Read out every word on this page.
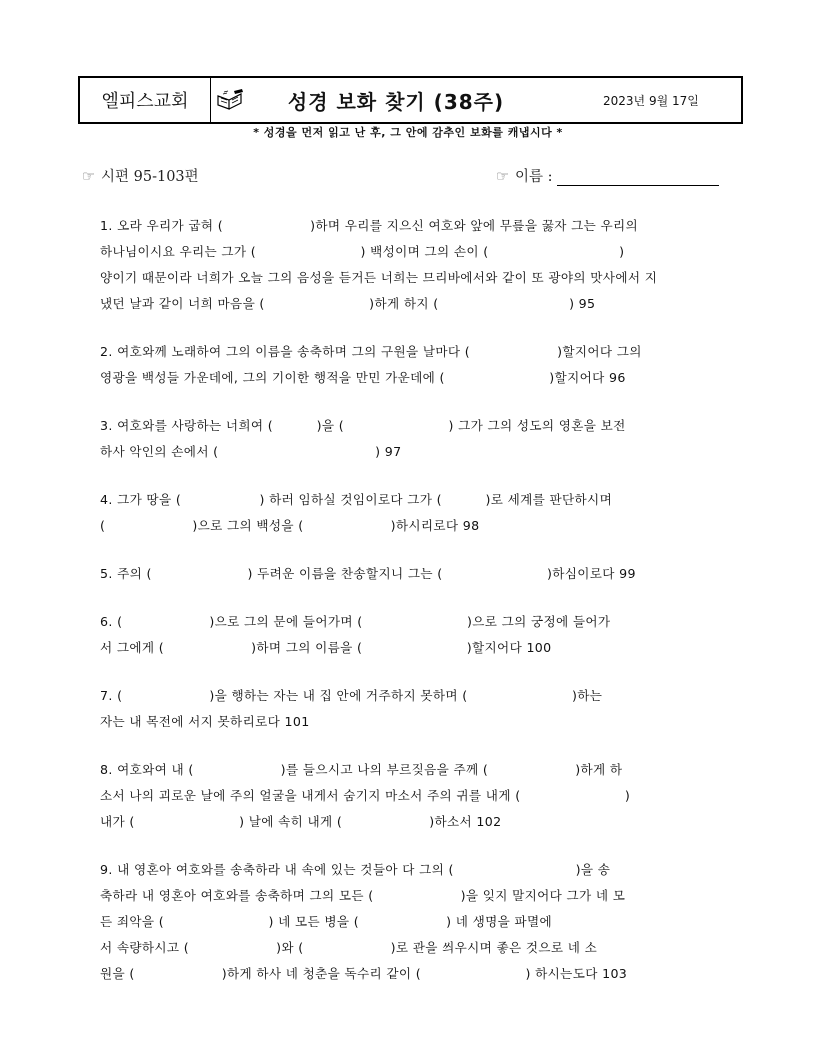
엘피스교회	성경 보화 찾기 (38주)	2023년 9월 17일
* 성경을 먼저 읽고 난 후, 그 안에 감추인 보화를 캐냅시다 *
☞ 시편 95-103편	☞ 이름 :
1. 오라 우리가 굽혀 (                    )하며 우리를 지으신 여호와 앞에 무릎을 꿇자 그는 우리의
하나님이시요 우리는 그가 (                        ) 백성이며 그의 손이 (                              )
양이기 때문이라 너희가 오늘 그의 음성을 듣거든 너희는 므리바에서와 같이 또 광야의 맛사에서 지
냈던 날과 같이 너희 마음을 (                        )하게 하지 (                              ) 95
2. 여호와께 노래하여 그의 이름을 송축하며 그의 구원을 날마다 (                    )할지어다 그의
영광을 백성들 가운데에, 그의 기이한 행적을 만민 가운데에 (                        )할지어다 96
3. 여호와를 사랑하는 너희여 (          )을 (                        ) 그가 그의 성도의 영혼을 보전
하사 악인의 손에서 (                                    ) 97
4. 그가 땅을 (                  ) 하러 임하실 것임이로다 그가 (          )로 세계를 판단하시며
(                    )으로 그의 백성을 (                    )하시리로다 98
5. 주의 (                      ) 두려운 이름을 찬송할지니 그는 (                        )하심이로다 99
6. (                    )으로 그의 문에 들어가며 (                        )으로 그의 궁정에 들어가
서 그에게 (                    )하며 그의 이름을 (                        )할지어다 100
7. (                    )을 행하는 자는 내 집 안에 거주하지 못하며 (                        )하는
자는 내 목전에 서지 못하리로다 101
8. 여호와여 내 (                    )를 들으시고 나의 부르짖음을 주께 (                    )하게 하
소서 나의 괴로운 날에 주의 얼굴을 내게서 숨기지 마소서 주의 귀를 내게 (                        )
내가 (                        ) 날에 속히 내게 (                    )하소서 102
9. 내 영혼아 여호와를 송축하라 내 속에 있는 것들아 다 그의 (                            )을 송
축하라 내 영혼아 여호와를 송축하며 그의 모든 (                    )을 잊지 말지어다 그가 네 모
든 죄악을 (                        ) 네 모든 병을 (                    ) 네 생명을 파멸에
서 속량하시고 (                    )와 (                    )로 관을 씌우시며 좋은 것으로 네 소
원을 (                    )하게 하사 네 청춘을 독수리 같이 (                        ) 하시는도다 103
